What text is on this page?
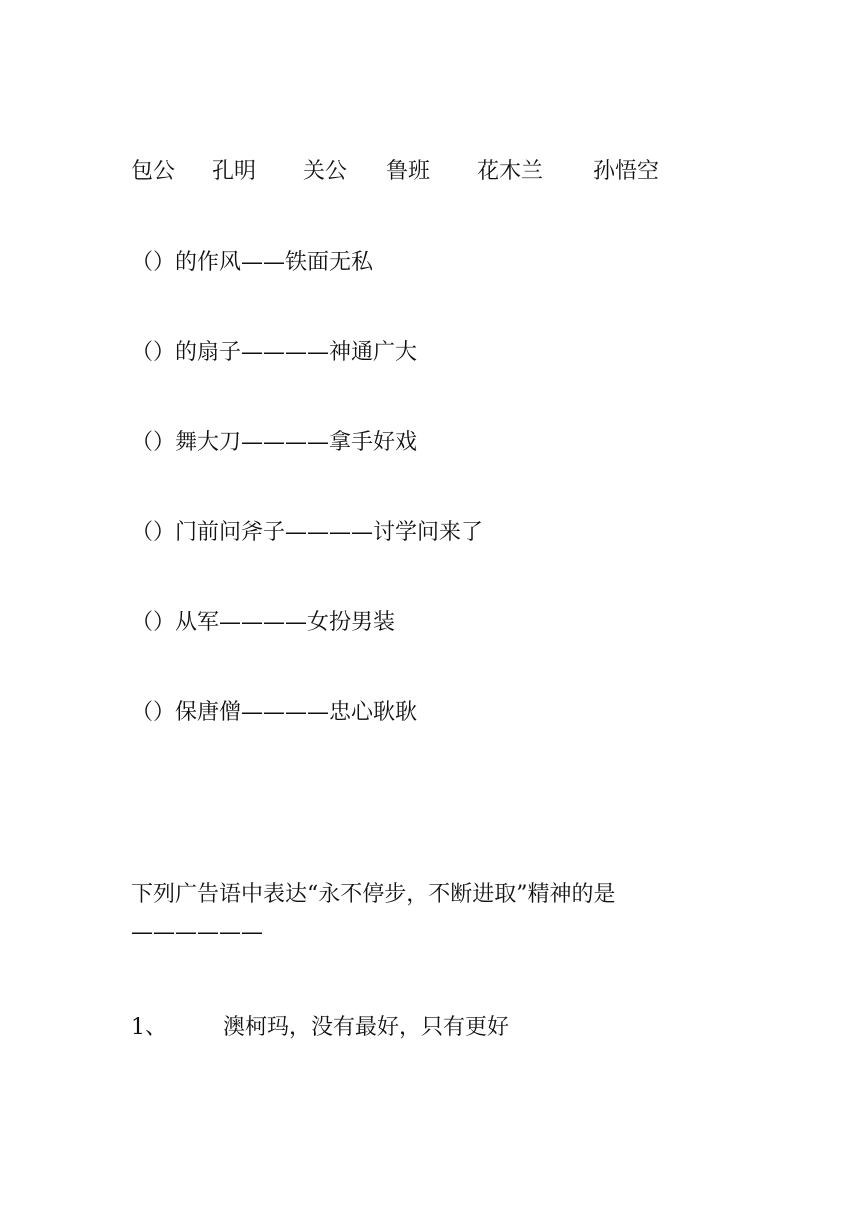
包公 孔明 关公 鲁班 花木兰 孙悟空
（）的作风——铁面无私
（）的扇子————神通广大
（）舞大刀————拿手好戏
（）门前问斧子————讨学问来了
（）从军————女扮男装
（）保唐僧————忠心耿耿
下列广告语中表达“永不停步，不断进取”精神的是——————
1、	澳柯玛，没有最好，只有更好
